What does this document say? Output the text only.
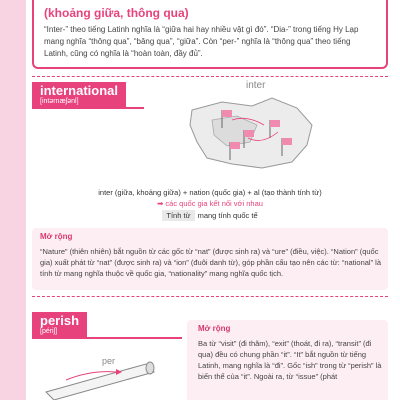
(khoảng giữa, thông qua)
“Inter-” theo tiếng Latinh nghĩa là “giữa hai hay nhiều vật gì đó”. “Dia-” trong tiếng Hy Lạp mang nghĩa “thông qua”, “băng qua”, “giữa”. Còn “per-” nghĩa là “thông qua” theo tiếng Latinh, cũng có nghĩa là “hoàn toàn, đầy đủ”.
international
[intərnæʃənl]
inter
inter (giữa, khoảng giữa) + nation (quốc gia) + al (tạo thành tính từ)
➡ các quốc gia kết nối với nhau
Tính từ mang tính quốc tế
Mở rộng
“Nature” (thiên nhiên) bắt nguồn từ các gốc từ “nat” (được sinh ra) và “ure” (điều, việc). “Nation” (quốc gia) xuất phát từ “nat” (được sinh ra) và “ion” (đuôi danh từ), góp phần cấu tạo nên các từ: “national” là tính từ mang nghĩa thuộc về quốc gia, “nationality” mang nghĩa quốc tịch.
perish
[périʃ]
per
Mở rộng
Ba từ “visit” (đi thăm), “exit” (thoát, đi ra), “transit” (đi qua) đều có chung phần “it”. “It” bắt nguồn từ tiếng Latinh, mang nghĩa là “đi”. Gốc “ish” trong từ “perish” là biến thể của “it”. Ngoài ra, từ “issue” (phát
